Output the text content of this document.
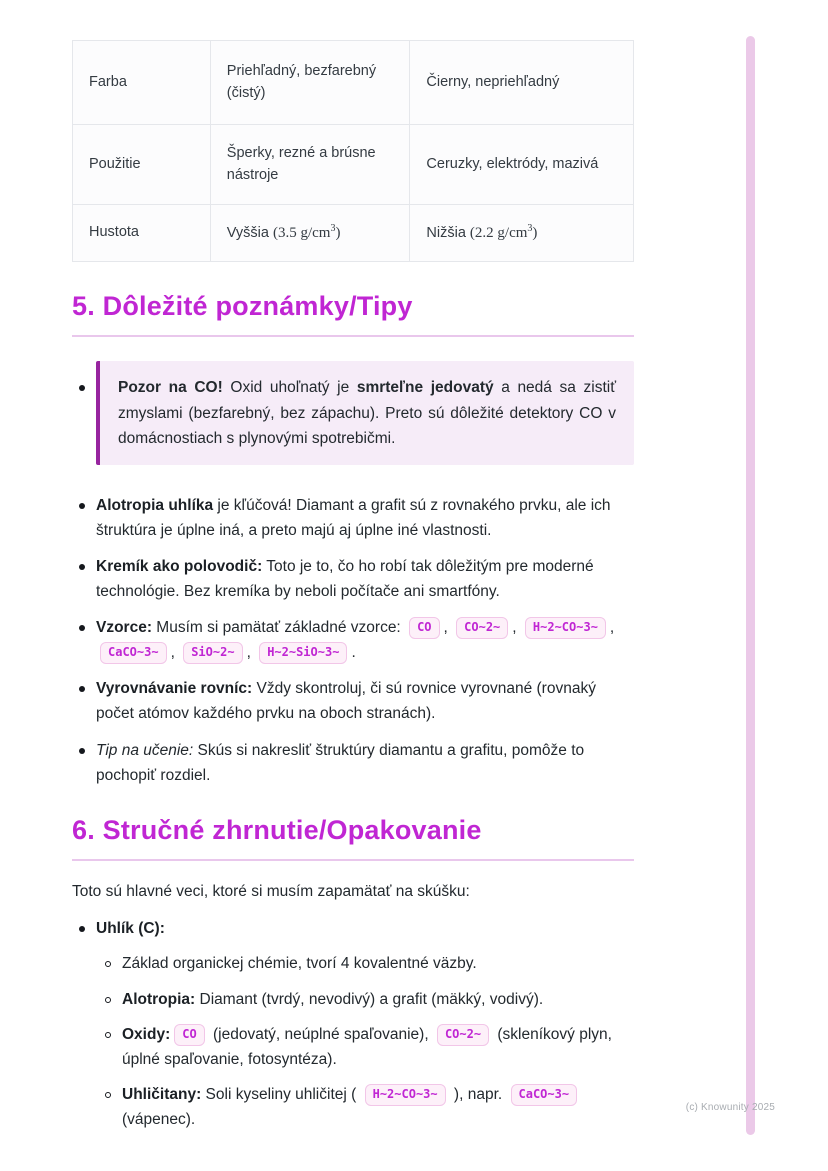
Farba	Priehľadný, bezfarebný (čistý)	Čierny, nepriehľadný
Použitie	Šperky, rezné a brúsne nástroje	Ceruzky, elektródy, mazivá
Hustota	Vyššia (3.5 $g/cm^3$)	Nižšia (2.2 $g/cm^3$)
5. Dôležité poznámky/Tipy

Pozor na CO! Oxid uhoľnatý je smrteľne jedovatý a nedá sa zistiť zmyslami (bezfarebný, bez zápachu). Preto sú dôležité detektory CO v domácnostiach s plynovými spotrebičmi.

Alotropia uhlíka je kľúčová! Diamant a grafit sú z rovnakého prvku, ale ich štruktúra je úplne iná, a preto majú aj úplne iné vlastnosti.

Kremík ako polovodič: Toto je to, čo ho robí tak dôležitým pre moderné technológie. Bez kremíka by neboli počítače ani smartfóny.

Vzorce: Musím si pamätať základné vzorce: CO , CO~2~ , H~2~CO~3~ , CaCO~3~ , SiO~2~ , H~2~SiO~3~ .

Vyrovnávanie rovníc: Vždy skontroluj, či sú rovnice vyrovnané (rovnaký počet atómov každého prvku na oboch stranách).

Tip na učenie: Skús si nakresliť štruktúry diamantu a grafitu, pomôže to pochopiť rozdiel.

6. Stručné zhrnutie/Opakovanie

Toto sú hlavné veci, ktoré si musím zapamätať na skúšku:

Uhlík (C):

Základ organickej chémie, tvorí 4 kovalentné väzby.

Alotropia: Diamant (tvrdý, nevodivý) a grafit (mäkký, vodivý).

Oxidy: CO (jedovatý, neúplné spaľovanie), CO~2~ (skleníkový plyn, úplné spaľovanie, fotosyntéza).

Uhličitany: Soli kyseliny uhličitej ( H~2~CO~3~ ), napr. CaCO~3~ (vápenec).

(c) Knowunity 2025
